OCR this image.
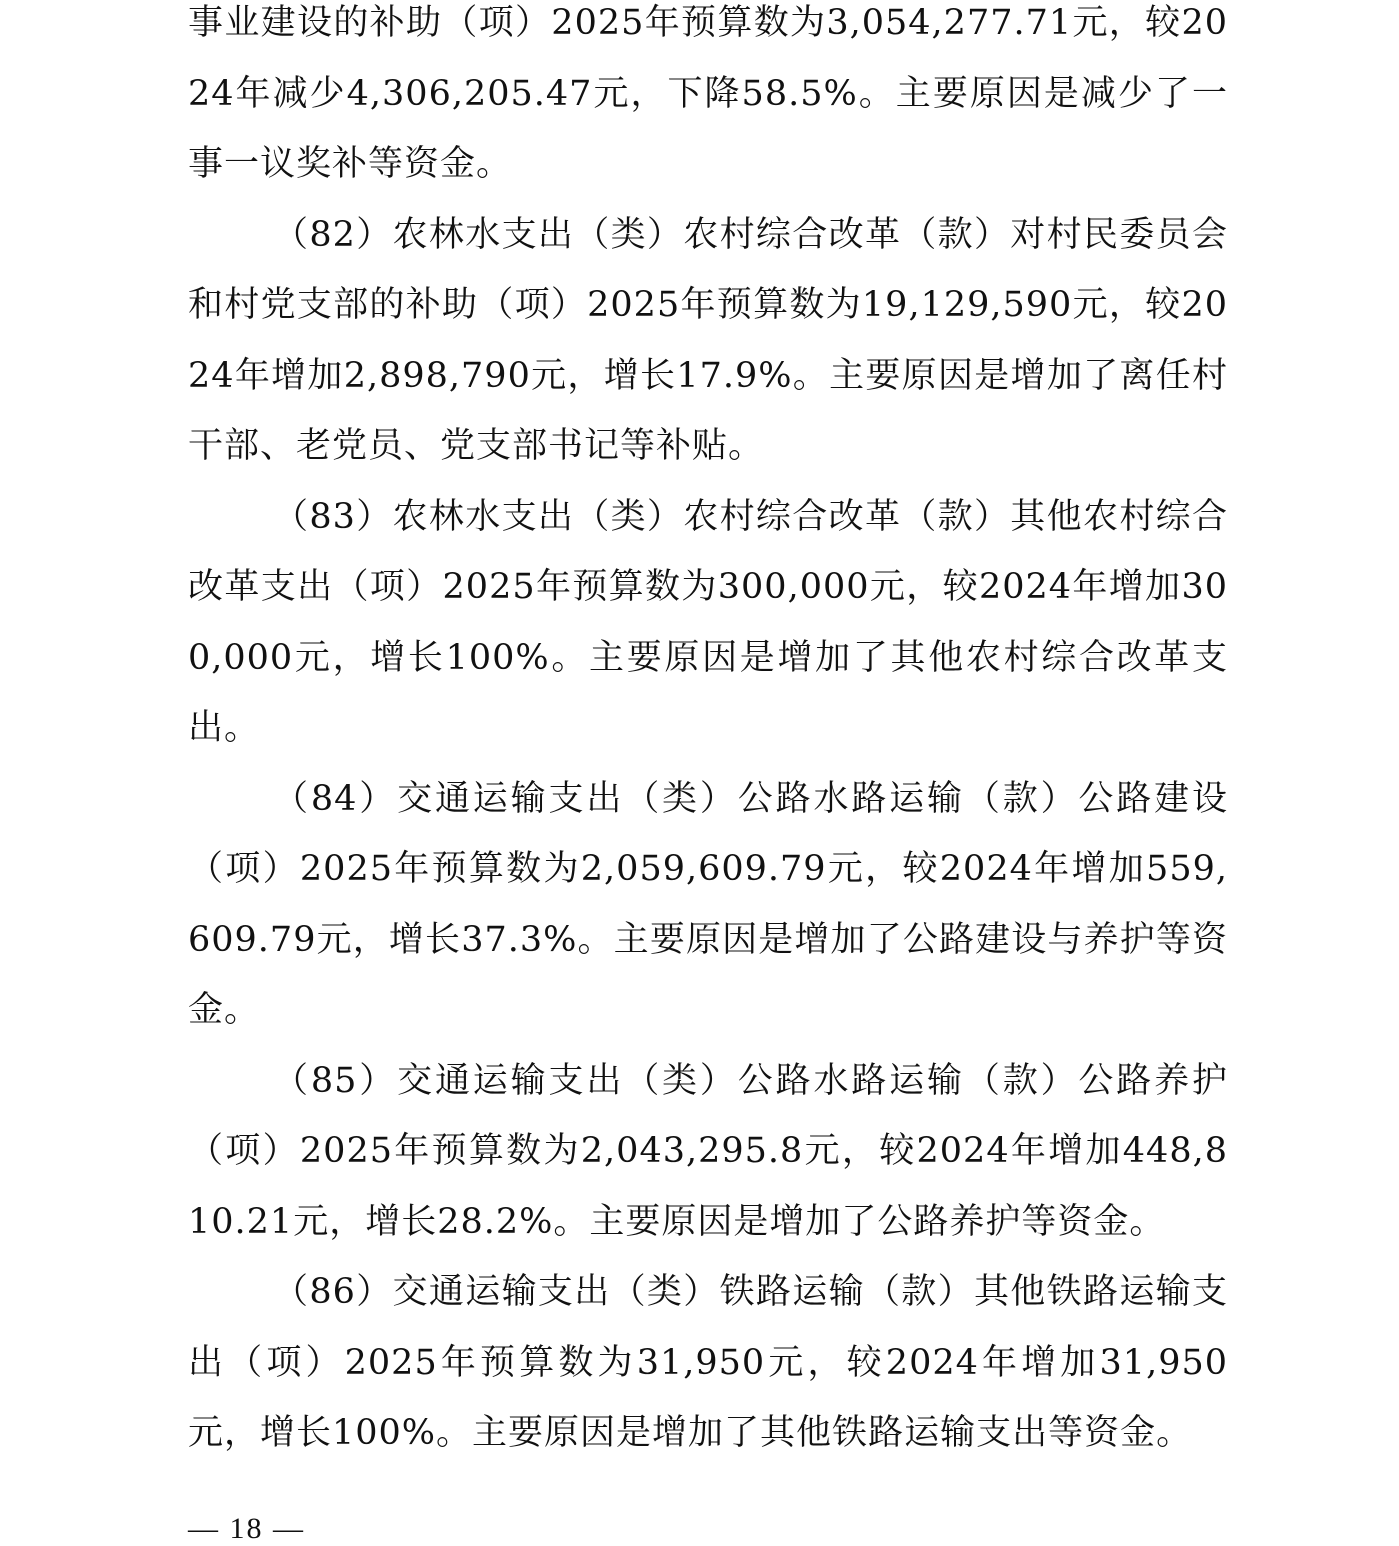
事业建设的补助（项）2025年预算数为3,054,277.71元，较2024年减少4,306,205.47元，下降58.5%。主要原因是减少了一事一议奖补等资金。

（82）农林水支出（类）农村综合改革（款）对村民委员会和村党支部的补助（项）2025年预算数为19,129,590元，较2024年增加2,898,790元，增长17.9%。主要原因是增加了离任村干部、老党员、党支部书记等补贴。

（83）农林水支出（类）农村综合改革（款）其他农村综合改革支出（项）2025年预算数为300,000元，较2024年增加300,000元，增长100%。主要原因是增加了其他农村综合改革支出。

（84）交通运输支出（类）公路水路运输（款）公路建设（项）2025年预算数为2,059,609.79元，较2024年增加559,609.79元，增长37.3%。主要原因是增加了公路建设与养护等资金。

（85）交通运输支出（类）公路水路运输（款）公路养护（项）2025年预算数为2,043,295.8元，较2024年增加448,810.21元，增长28.2%。主要原因是增加了公路养护等资金。

（86）交通运输支出（类）铁路运输（款）其他铁路运输支出（项）2025年预算数为31,950元，较2024年增加31,950元，增长100%。主要原因是增加了其他铁路运输支出等资金。

— 18 —
